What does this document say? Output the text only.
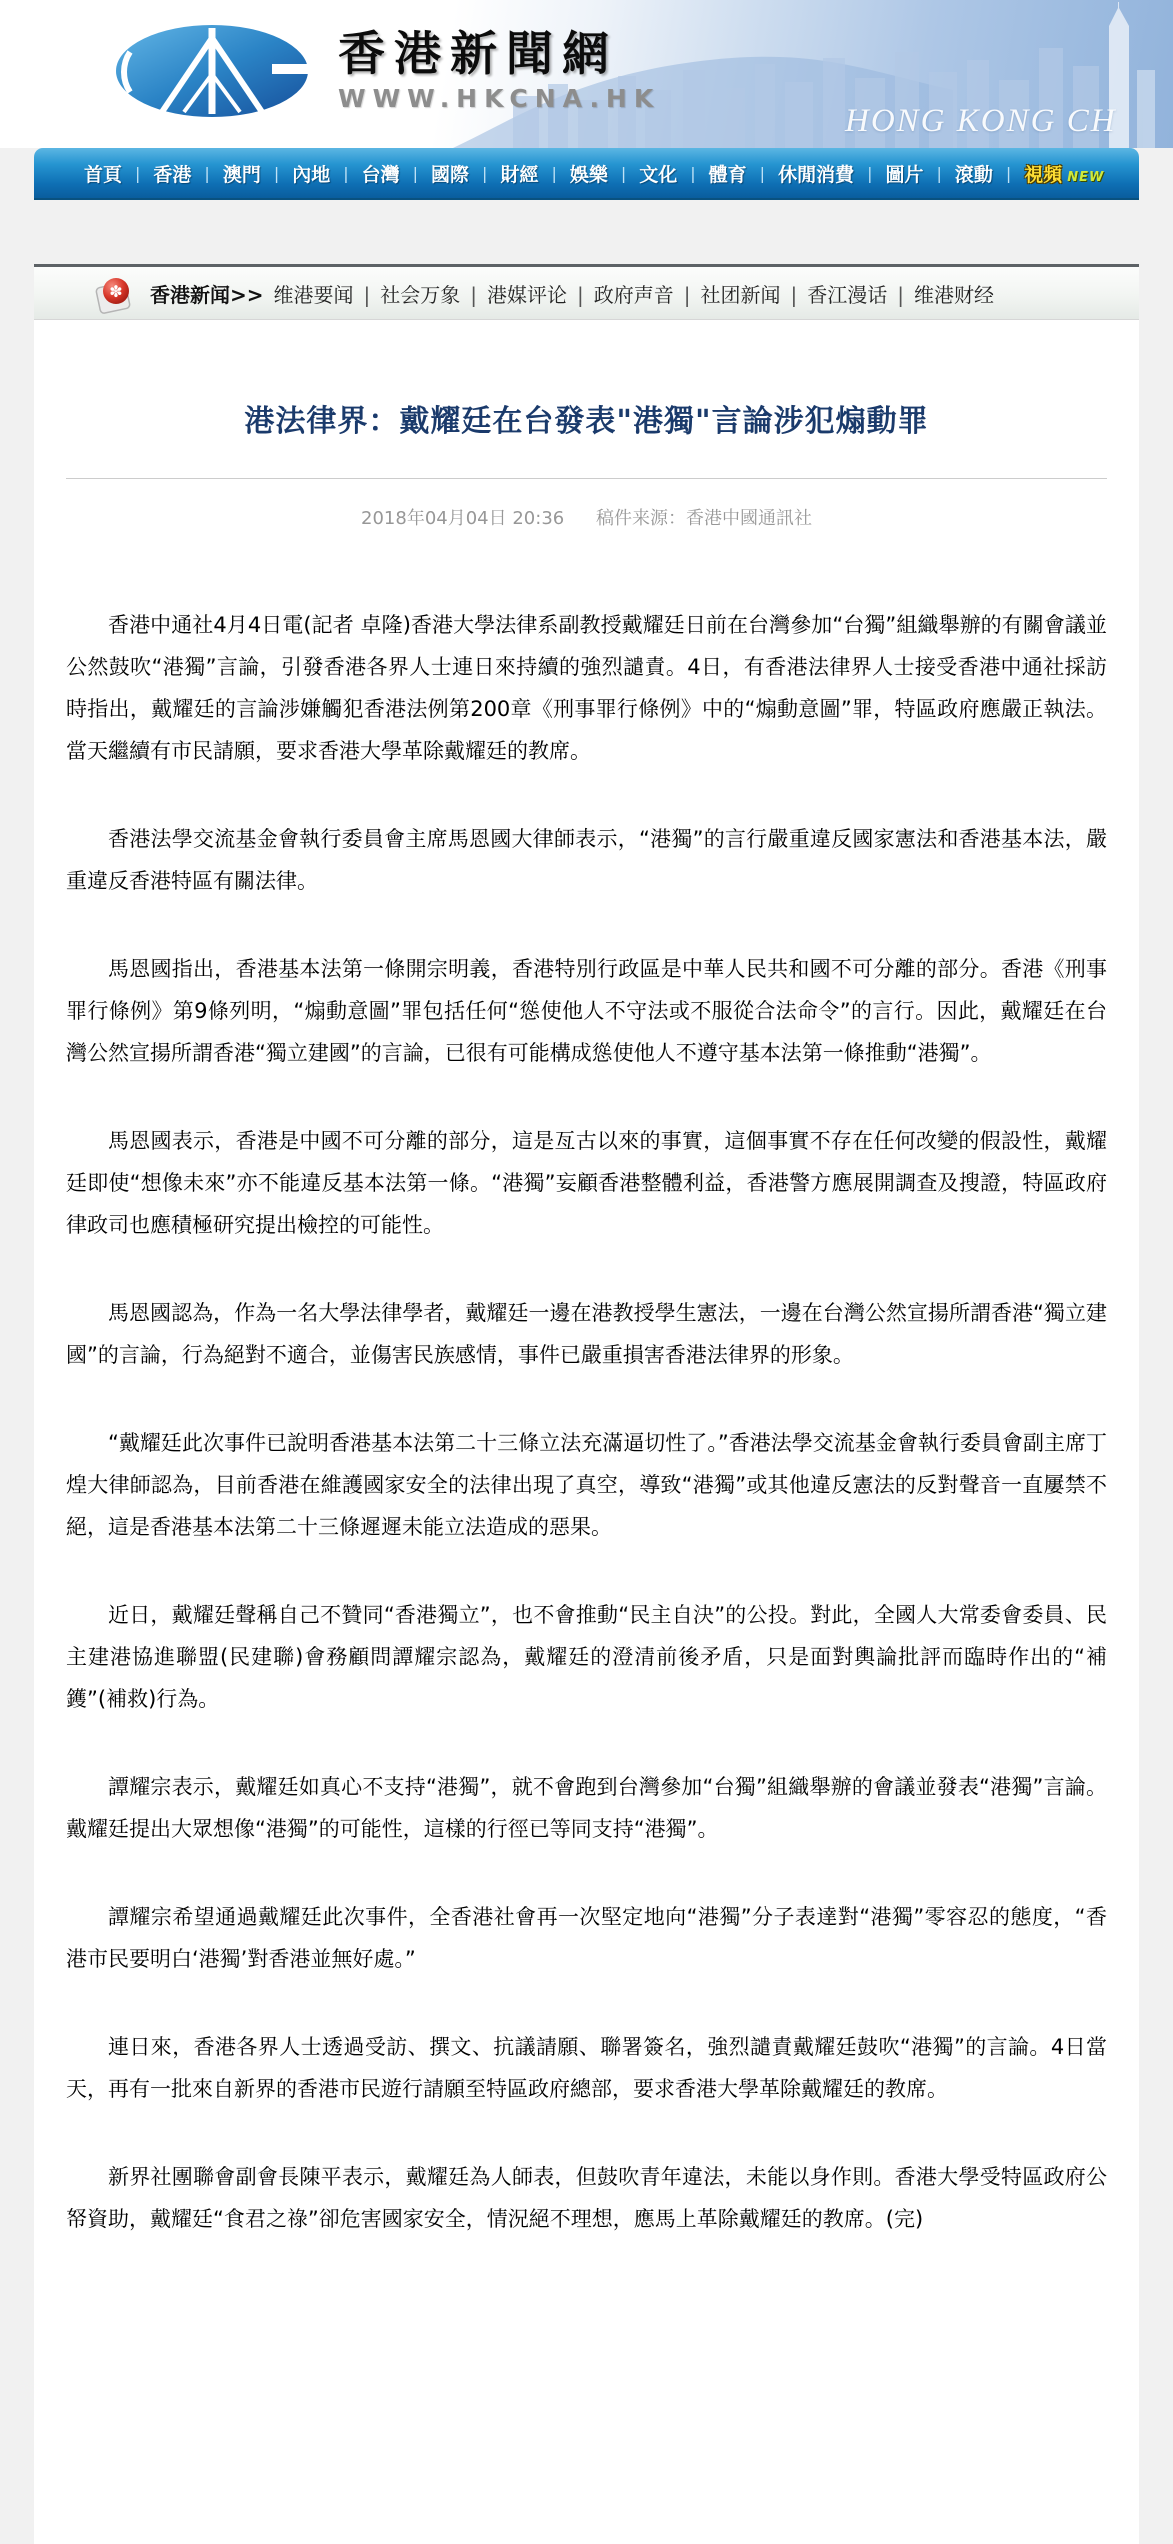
HONG KONG CH
香港新聞網
WWW.HKCNA.HK
首頁 | 香港 | 澳門 | 內地 | 台灣 | 國際 | 財經 | 娛樂 | 文化 | 體育 | 休閒消費 | 圖片 | 滾動 | 視頻 NEW
✽ 香港新闻>> 维港要闻 | 社会万象 | 港媒评论 | 政府声音 | 社团新闻 | 香江漫话 | 维港财经
港法律界：戴耀廷在台發表"港獨"言論涉犯煽動罪
2018年04月04日 20:36 稿件来源：香港中國通訊社

香港中通社4月4日電(記者 卓隆)香港大學法律系副教授戴耀廷日前在台灣參加“台獨”組織舉辦的有關會議並公然鼓吹“港獨”言論，引發香港各界人士連日來持續的強烈譴責。4日，有香港法律界人士接受香港中通社採訪時指出，戴耀廷的言論涉嫌觸犯香港法例第200章《刑事罪行條例》中的“煽動意圖”罪，特區政府應嚴正執法。當天繼續有市民請願，要求香港大學革除戴耀廷的教席。

香港法學交流基金會執行委員會主席馬恩國大律師表示，“港獨”的言行嚴重違反國家憲法和香港基本法，嚴重違反香港特區有關法律。

馬恩國指出，香港基本法第一條開宗明義，香港特別行政區是中華人民共和國不可分離的部分。香港《刑事罪行條例》第9條列明，“煽動意圖”罪包括任何“慫使他人不守法或不服從合法命令”的言行。因此，戴耀廷在台灣公然宣揚所謂香港“獨立建國”的言論，已很有可能構成慫使他人不遵守基本法第一條推動“港獨”。

馬恩國表示，香港是中國不可分離的部分，這是亙古以來的事實，這個事實不存在任何改變的假設性，戴耀廷即使“想像未來”亦不能違反基本法第一條。“港獨”妄顧香港整體利益，香港警方應展開調查及搜證，特區政府律政司也應積極研究提出檢控的可能性。

馬恩國認為，作為一名大學法律學者，戴耀廷一邊在港教授學生憲法，一邊在台灣公然宣揚所謂香港“獨立建國”的言論，行為絕對不適合，並傷害民族感情，事件已嚴重損害香港法律界的形象。

“戴耀廷此次事件已說明香港基本法第二十三條立法充滿逼切性了。”香港法學交流基金會執行委員會副主席丁煌大律師認為，目前香港在維護國家安全的法律出現了真空，導致“港獨”或其他違反憲法的反對聲音一直屢禁不絕，這是香港基本法第二十三條遲遲未能立法造成的惡果。

近日，戴耀廷聲稱自己不贊同“香港獨立”，也不會推動“民主自決”的公投。對此，全國人大常委會委員、民主建港協進聯盟(民建聯)會務顧問譚耀宗認為，戴耀廷的澄清前後矛盾，只是面對輿論批評而臨時作出的“補鑊”(補救)行為。

譚耀宗表示，戴耀廷如真心不支持“港獨”，就不會跑到台灣參加“台獨”組織舉辦的會議並發表“港獨”言論。戴耀廷提出大眾想像“港獨”的可能性，這樣的行徑已等同支持“港獨”。

譚耀宗希望通過戴耀廷此次事件，全香港社會再一次堅定地向“港獨”分子表達對“港獨”零容忍的態度，“香港市民要明白‘港獨’對香港並無好處。”

連日來，香港各界人士透過受訪、撰文、抗議請願、聯署簽名，強烈譴責戴耀廷鼓吹“港獨”的言論。4日當天，再有一批來自新界的香港市民遊行請願至特區政府總部，要求香港大學革除戴耀廷的教席。

新界社團聯會副會長陳平表示，戴耀廷為人師表，但鼓吹青年違法，未能以身作則。香港大學受特區政府公帑資助，戴耀廷“食君之祿”卻危害國家安全，情況絕不理想，應馬上革除戴耀廷的教席。(完)
